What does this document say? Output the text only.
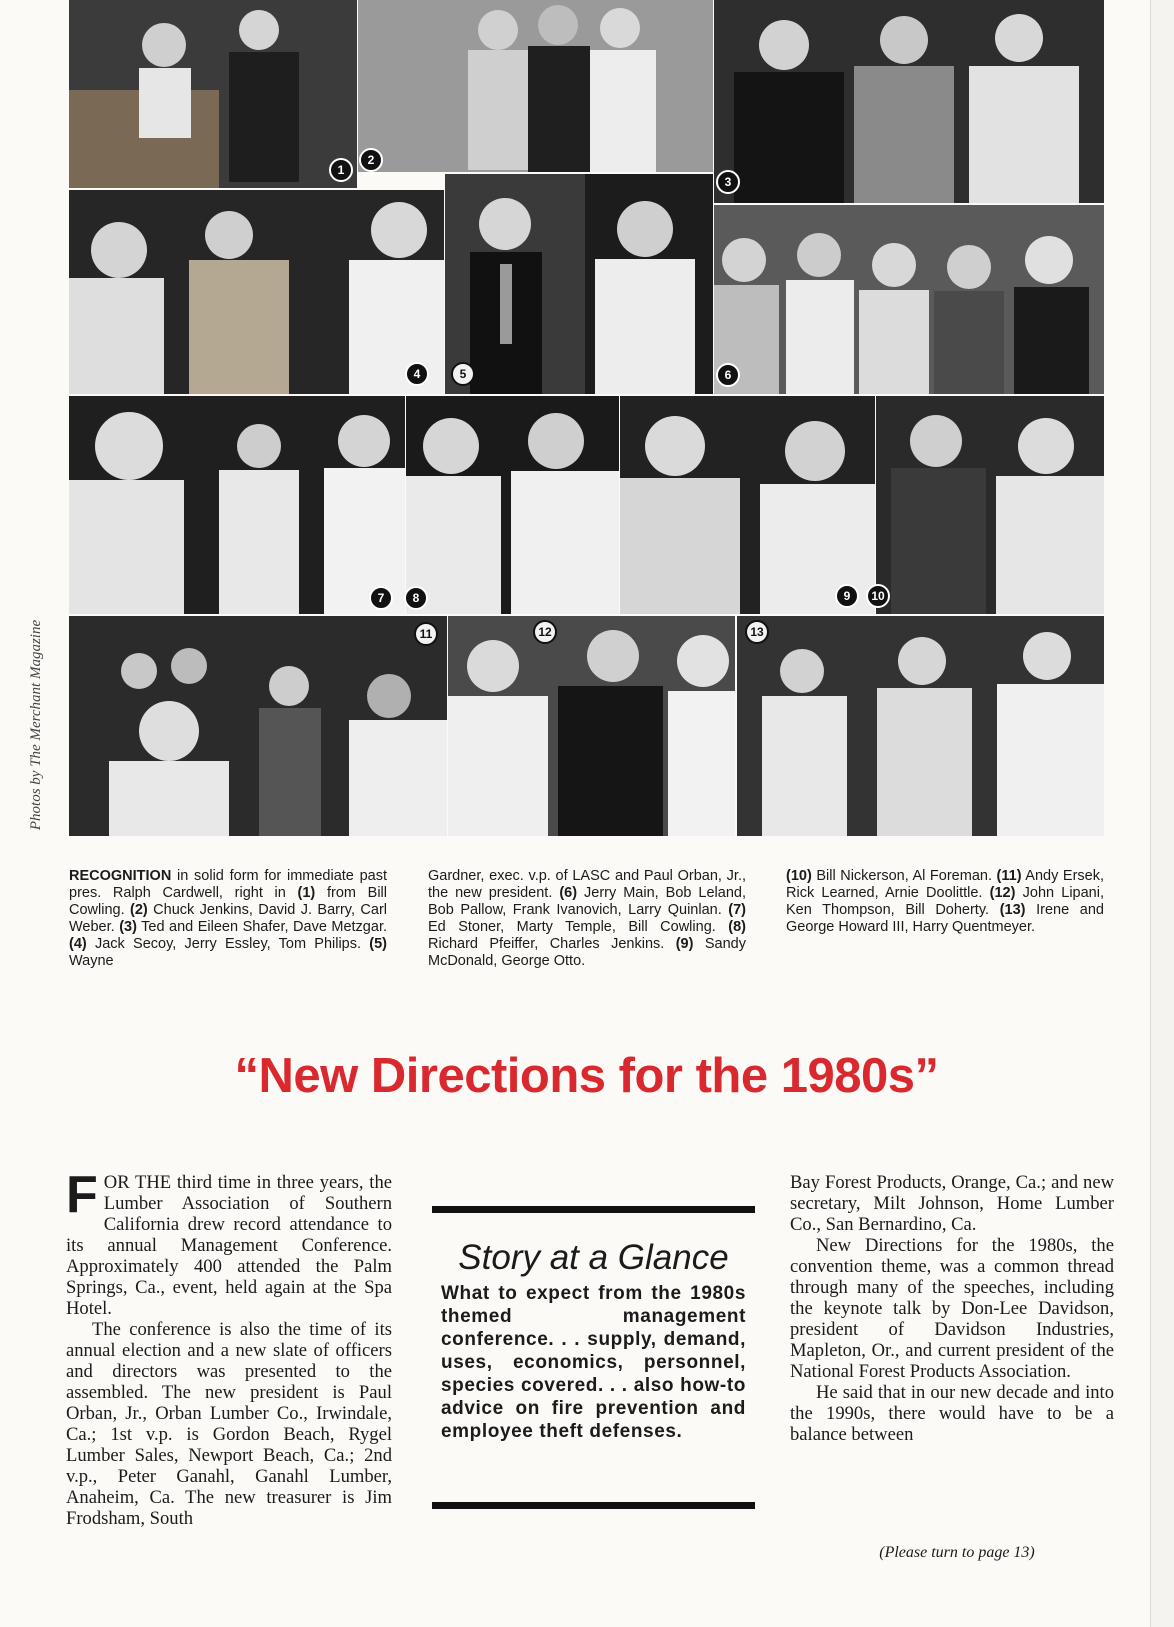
Photos by The Merchant Magazine
1
2
3
4	5	6
7	8	9	10
11	12	13
RECOGNITION in solid form for immediate past pres. Ralph Cardwell, right in (1) from Bill Cowling. (2) Chuck Jenkins, David J. Barry, Carl Weber. (3) Ted and Eileen Shafer, Dave Metzgar. (4) Jack Secoy, Jerry Essley, Tom Philips. (5) Wayne
Gardner, exec. v.p. of LASC and Paul Orban, Jr., the new president. (6) Jerry Main, Bob Leland, Bob Pallow, Frank Ivanovich, Larry Quinlan. (7) Ed Stoner, Marty Temple, Bill Cowling. (8) Richard Pfeiffer, Charles Jenkins. (9) Sandy McDonald, George Otto.
(10) Bill Nickerson, Al Foreman. (11) Andy Ersek, Rick Learned, Arnie Doolittle. (12) John Lipani, Ken Thompson, Bill Doherty. (13) Irene and George Howard III, Harry Quentmeyer.
“New Directions for the 1980s”

FOR THE third time in three years, the Lumber Association of Southern California drew record attendance to its annual Management Conference. Approximately 400 attended the Palm Springs, Ca., event, held again at the Spa Hotel.

The conference is also the time of its annual election and a new slate of officers and directors was presented to the assembled. The new president is Paul Orban, Jr., Orban Lumber Co., Irwindale, Ca.; 1st v.p. is Gordon Beach, Rygel Lumber Sales, Newport Beach, Ca.; 2nd v.p., Peter Ganahl, Ganahl Lumber, Anaheim, Ca. The new treasurer is Jim Frodsham, South

Story at a Glance
What to expect from the 1980s themed management conference. . . supply, demand, uses, economics, personnel, species covered. . . also how-to advice on fire prevention and employee theft defenses.

Bay Forest Products, Orange, Ca.; and new secretary, Milt Johnson, Home Lumber Co., San Bernardino, Ca.

New Directions for the 1980s, the convention theme, was a common thread through many of the speeches, including the keynote talk by Don-Lee Davidson, president of Davidson Industries, Mapleton, Or., and current president of the National Forest Products Association.

He said that in our new decade and into the 1990s, there would have to be a balance between

(Please turn to page 13)
